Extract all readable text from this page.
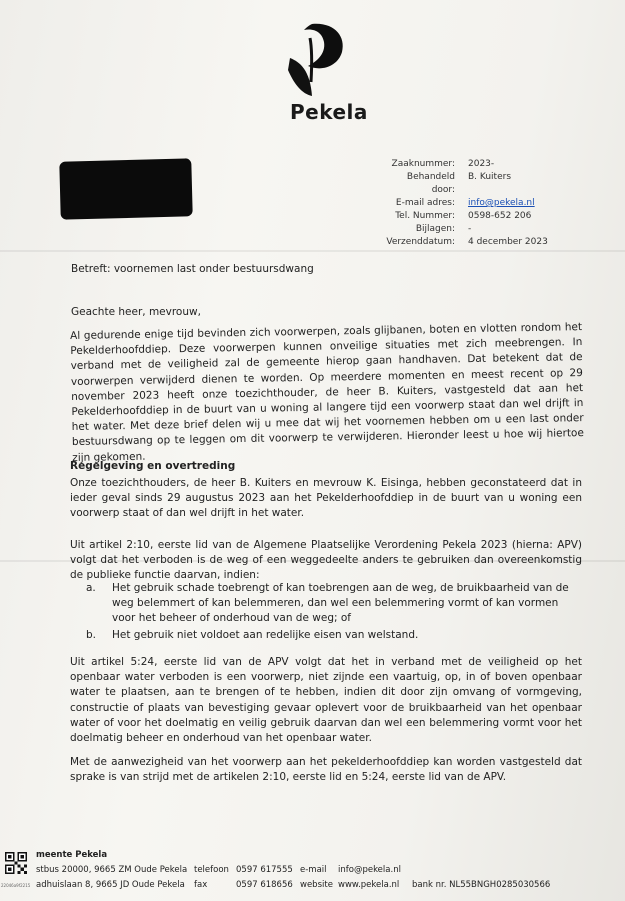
Pekela
Zaaknummer:	2023-
Behandeld door:
B. Kuiters
E-mail adres:	info@pekela.nl
Tel. Nummer:	0598-652 206
Bijlagen:	-
Verzenddatum:	4 december 2023
Betreft: voornemen last onder bestuursdwang
Geachte heer, mevrouw,
Al gedurende enige tijd bevinden zich voorwerpen, zoals glijbanen, boten en vlotten rondom het Pekelderhoofddiep. Deze voorwerpen kunnen onveilige situaties met zich meebrengen. In verband met de veiligheid zal de gemeente hierop gaan handhaven. Dat betekent dat de voorwerpen verwijderd dienen te worden. Op meerdere momenten en meest recent op 29 november 2023 heeft onze toezichthouder, de heer B. Kuiters, vastgesteld dat aan het Pekelderhoofddiep in de buurt van u woning al langere tijd een voorwerp staat dan wel drijft in het water. Met deze brief delen wij u mee dat wij het voornemen hebben om u een last onder bestuursdwang op te leggen om dit voorwerp te verwijderen. Hieronder leest u hoe wij hiertoe zijn gekomen.
Regelgeving en overtreding
Onze toezichthouders, de heer B. Kuiters en mevrouw K. Eisinga, hebben geconstateerd dat in ieder geval sinds 29 augustus 2023 aan het Pekelderhoofddiep in de buurt van u woning een voorwerp staat of dan wel drijft in het water.
Uit artikel 2:10, eerste lid van de Algemene Plaatselijke Verordening Pekela 2023 (hierna: APV) volgt dat het verboden is de weg of een weggedeelte anders te gebruiken dan overeenkomstig de publieke functie daarvan, indien:
a.	Het gebruik schade toebrengt of kan toebrengen aan de weg, de bruikbaarheid van de weg belemmert of kan belemmeren, dan wel een belemmering vormt of kan vormen voor het beheer of onderhoud van de weg; of
b.	Het gebruik niet voldoet aan redelijke eisen van welstand.
Uit artikel 5:24, eerste lid van de APV volgt dat het in verband met de veiligheid op het openbaar water verboden is een voorwerp, niet zijnde een vaartuig, op, in of boven openbaar water te plaatsen, aan te brengen of te hebben, indien dit door zijn omvang of vormgeving, constructie of plaats van bevestiging gevaar oplevert voor de bruikbaarheid van het openbaar water of voor het doelmatig en veilig gebruik daarvan dan wel een belemmering vormt voor het doelmatig beheer en onderhoud van het openbaar water.
Met de aanwezigheid van het voorwerp aan het pekelderhoofddiep kan worden vastgesteld dat sprake is van strijd met de artikelen 2:10, eerste lid en 5:24, eerste lid van de APV.
22046a9f2215
meente Pekela
stbus 20000, 9665 ZM Oude Pekela
adhuislaan 8, 9665 JD Oude Pekela
telefoon 0597 617555
fax	0597 618656
e-mail info@pekela.nl
website www.pekela.nl bank nr. NL55BNGH0285030566
